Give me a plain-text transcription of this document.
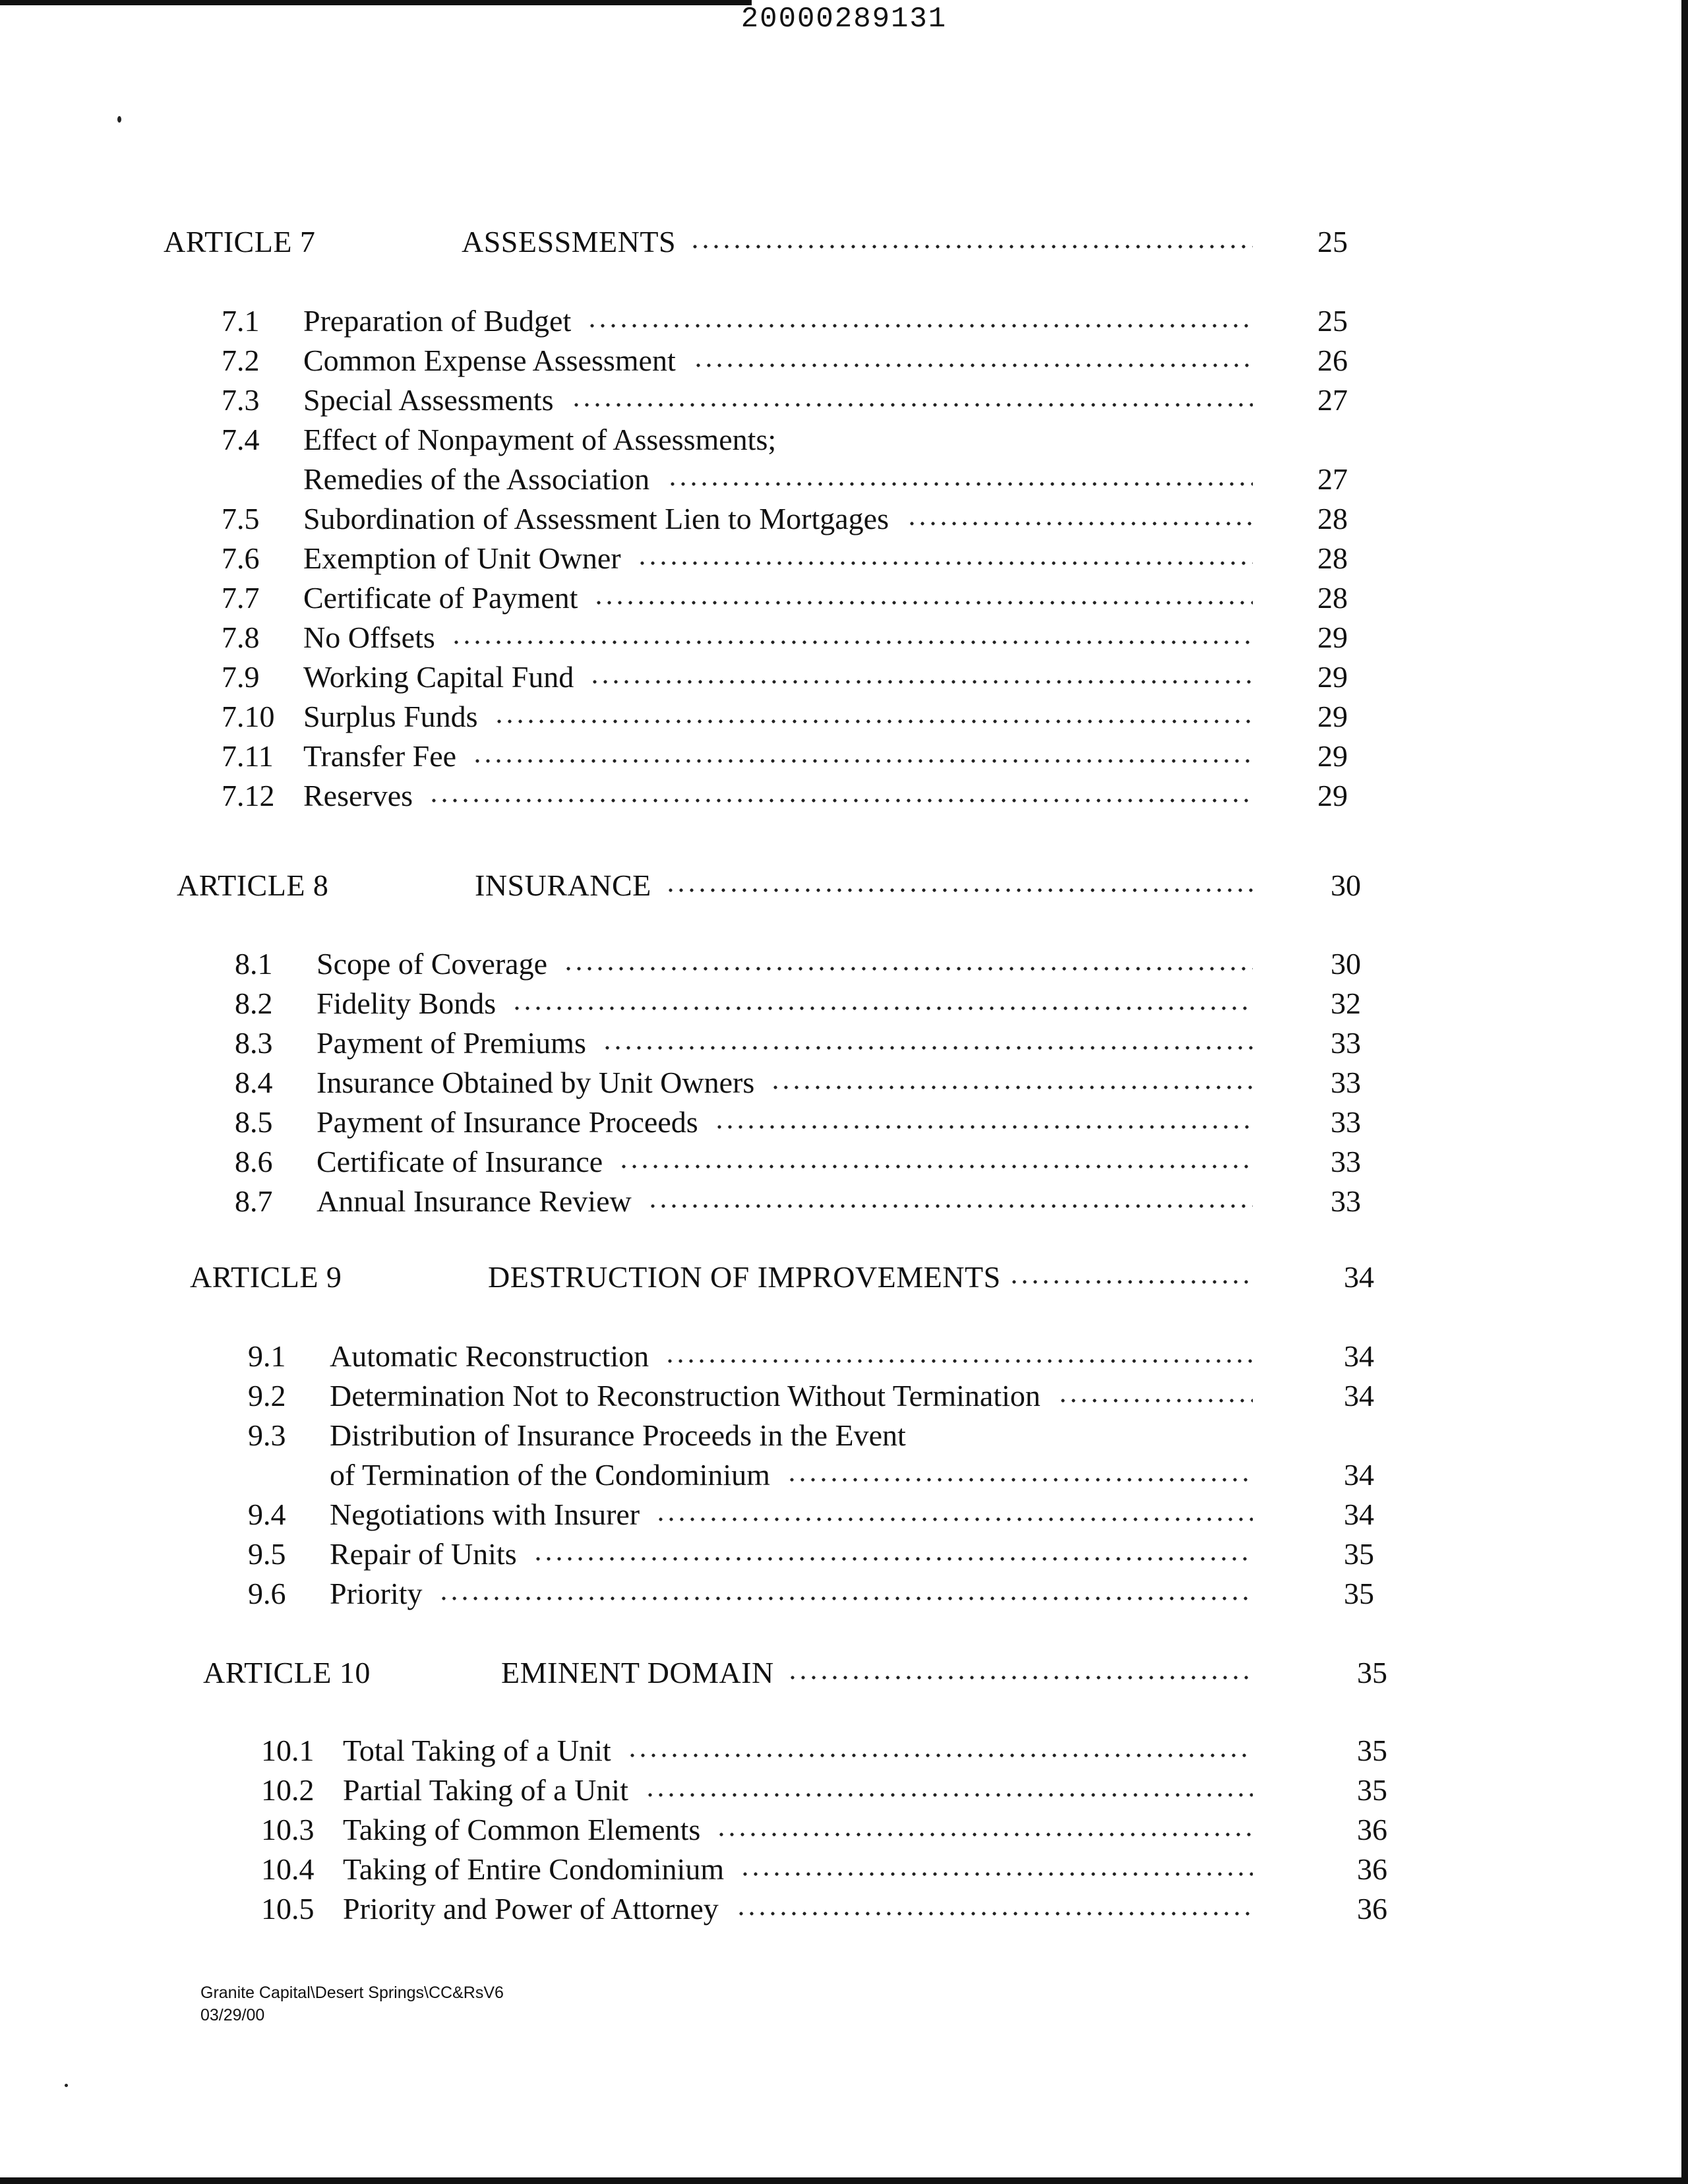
20000289131
ARTICLE 7	ASSESSMENTS	25
7.1 Preparation of Budget	25
7.2 Common Expense Assessment	26
7.3 Special Assessments	27
7.4 Effect of Nonpayment of Assessments;
Remedies of the Association	27
7.5 Subordination of Assessment Lien to Mortgages	28
7.6 Exemption of Unit Owner	28
7.7 Certificate of Payment	28
7.8 No Offsets	29
7.9 Working Capital Fund	29
7.10 Surplus Funds	29
7.11 Transfer Fee	29
7.12 Reserves	29
ARTICLE 8	INSURANCE	30
8.1 Scope of Coverage	30
8.2 Fidelity Bonds	32
8.3 Payment of Premiums	33
8.4 Insurance Obtained by Unit Owners	33
8.5 Payment of Insurance Proceeds	33
8.6 Certificate of Insurance	33
8.7 Annual Insurance Review	33
ARTICLE 9	DESTRUCTION OF IMPROVEMENTS	34
9.1 Automatic Reconstruction	34
9.2 Determination Not to Reconstruction Without Termination	34
9.3 Distribution of Insurance Proceeds in the Event
of Termination of the Condominium	34
9.4 Negotiations with Insurer	34
9.5 Repair of Units	35
9.6 Priority	35
ARTICLE 10	EMINENT DOMAIN	35
10.1 Total Taking of a Unit	35
10.2 Partial Taking of a Unit	35
10.3 Taking of Common Elements	36
10.4 Taking of Entire Condominium	36
10.5 Priority and Power of Attorney	36
Granite Capital\Desert Springs\CC&RsV6
03/29/00
